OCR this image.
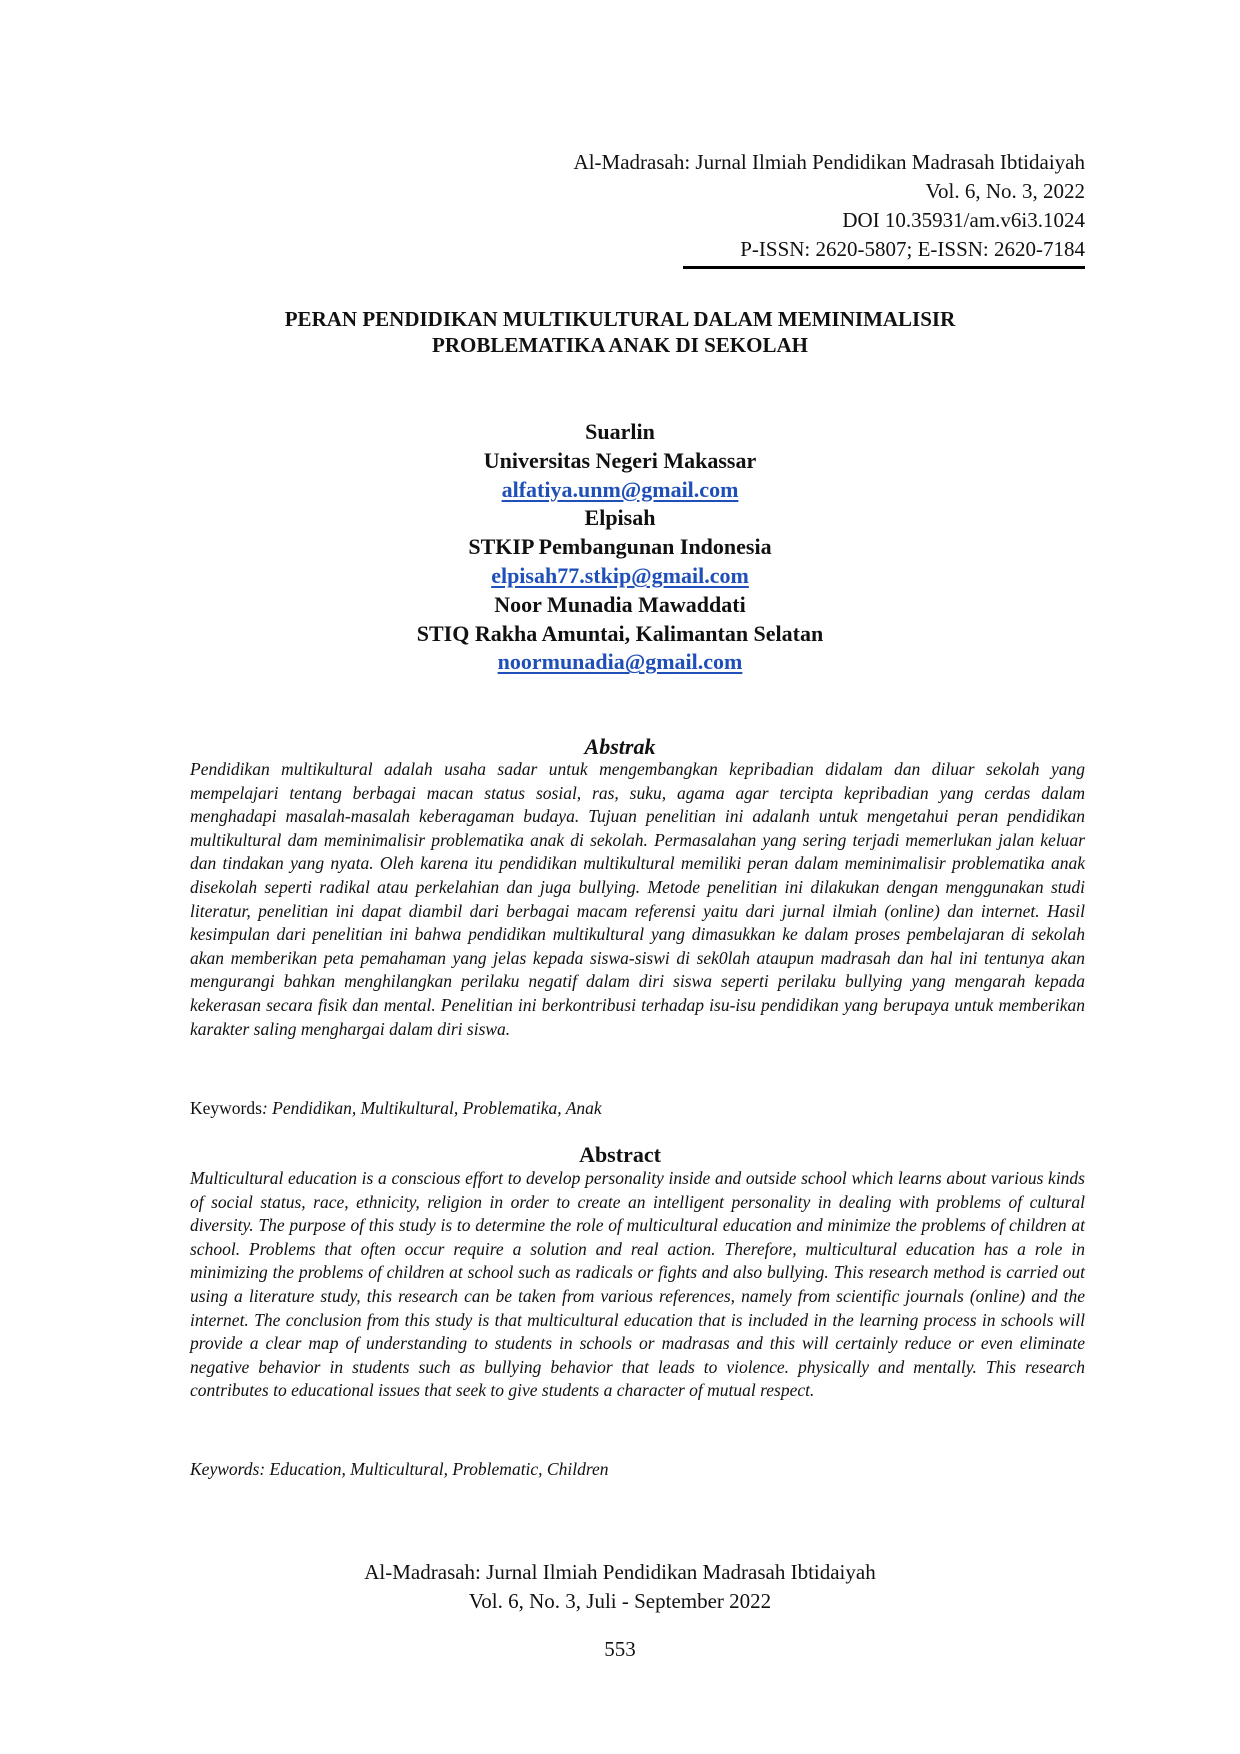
Al-Madrasah: Jurnal Ilmiah Pendidikan Madrasah Ibtidaiyah
Vol. 6, No. 3, 2022
DOI 10.35931/am.v6i3.1024
P-ISSN: 2620-5807; E-ISSN: 2620-7184
PERAN PENDIDIKAN MULTIKULTURAL DALAM MEMINIMALISIR
PROBLEMATIKA ANAK DI SEKOLAH
Suarlin
Universitas Negeri Makassar
alfatiya.unm@gmail.com
Elpisah
STKIP Pembangunan Indonesia
elpisah77.stkip@gmail.com
Noor Munadia Mawaddati
STIQ Rakha Amuntai, Kalimantan Selatan
noormunadia@gmail.com
Abstrak
Pendidikan multikultural adalah usaha sadar untuk mengembangkan kepribadian didalam dan diluar sekolah yang mempelajari tentang berbagai macan status sosial, ras, suku, agama agar tercipta kepribadian yang cerdas dalam menghadapi masalah-masalah keberagaman budaya. Tujuan penelitian ini adalanh untuk mengetahui peran pendidikan multikultural dam meminimalisir problematika anak di sekolah. Permasalahan yang sering terjadi memerlukan jalan keluar dan tindakan yang nyata. Oleh karena itu pendidikan multikultural memiliki peran dalam meminimalisir problematika anak disekolah seperti radikal atau perkelahian dan juga bullying. Metode penelitian ini dilakukan dengan menggunakan studi literatur, penelitian ini dapat diambil dari berbagai macam referensi yaitu dari jurnal ilmiah (online) dan internet. Hasil kesimpulan dari penelitian ini bahwa pendidikan multikultural yang dimasukkan ke dalam proses pembelajaran di sekolah akan memberikan peta pemahaman yang jelas kepada siswa-siswi di sek0lah ataupun madrasah dan hal ini tentunya akan mengurangi bahkan menghilangkan perilaku negatif dalam diri siswa seperti perilaku bullying yang mengarah kepada kekerasan secara fisik dan mental. Penelitian ini berkontribusi terhadap isu-isu pendidikan yang berupaya untuk memberikan karakter saling menghargai dalam diri siswa.
Keywords: Pendidikan, Multikultural, Problematika, Anak
Abstract
Multicultural education is a conscious effort to develop personality inside and outside school which learns about various kinds of social status, race, ethnicity, religion in order to create an intelligent personality in dealing with problems of cultural diversity. The purpose of this study is to determine the role of multicultural education and minimize the problems of children at school. Problems that often occur require a solution and real action. Therefore, multicultural education has a role in minimizing the problems of children at school such as radicals or fights and also bullying. This research method is carried out using a literature study, this research can be taken from various references, namely from scientific journals (online) and the internet. The conclusion from this study is that multicultural education that is included in the learning process in schools will provide a clear map of understanding to students in schools or madrasas and this will certainly reduce or even eliminate negative behavior in students such as bullying behavior that leads to violence. physically and mentally. This research contributes to educational issues that seek to give students a character of mutual respect.
Keywords: Education, Multicultural, Problematic, Children
Al-Madrasah: Jurnal Ilmiah Pendidikan Madrasah Ibtidaiyah
Vol. 6, No. 3, Juli - September 2022
553
